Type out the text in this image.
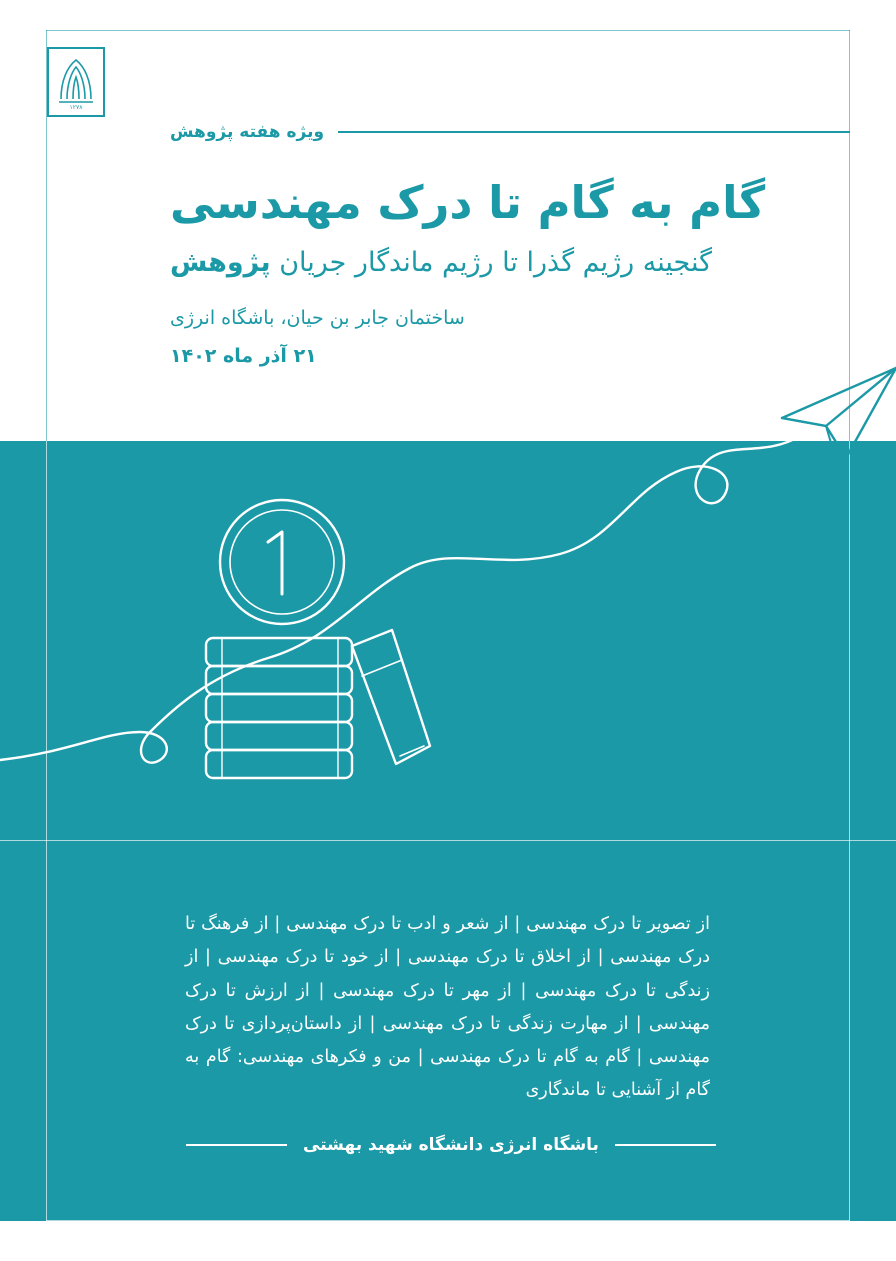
۱۲۷۸
ویژه هفته پژوهش
گام به گام تا درک مهندسی
گنجینه رژیم گذرا تا رژیم ماندگار جریان پژوهش
ساختمان جابر بن حیان، باشگاه انرژی
۲۱ آذر ماه ۱۴۰۲
از تصویر تا درک مهندسی | از شعر و ادب تا درک مهندسی | از فرهنگ تا درک مهندسی | از اخلاق تا درک مهندسی | از خود تا درک مهندسی | از زندگی تا درک مهندسی | از مهر تا درک مهندسی | از ارزش تا درک مهندسی | از مهارت زندگی تا درک مهندسی | از داستان‌پردازی تا درک مهندسی | گام به گام تا درک مهندسی | من و فکرهای مهندسی: گام به گام از آشنایی تا ماندگاری
باشگاه انرژی دانشگاه شهید بهشتی
